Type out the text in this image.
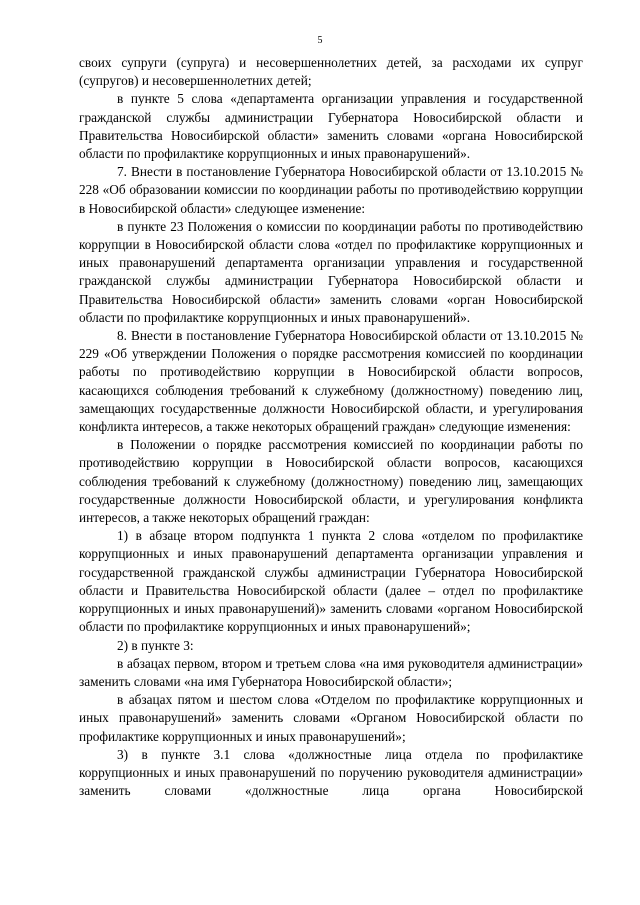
5

своих супруги (супруга) и несовершеннолетних детей, за расходами их супруг (супругов) и несовершеннолетних детей;

в пункте 5 слова «департамента организации управления и государственной гражданской службы администрации Губернатора Новосибирской области и Правительства Новосибирской области» заменить словами «органа Новосибирской области по профилактике коррупционных и иных правонарушений».

7. Внести в постановление Губернатора Новосибирской области от 13.10.2015 № 228 «Об образовании комиссии по координации работы по противодействию коррупции в Новосибирской области» следующее изменение:

в пункте 23 Положения о комиссии по координации работы по противодействию коррупции в Новосибирской области слова «отдел по профилактике коррупционных и иных правонарушений департамента организации управления и государственной гражданской службы администрации Губернатора Новосибирской области и Правительства Новосибирской области» заменить словами «орган Новосибирской области по профилактике коррупционных и иных правонарушений».

8. Внести в постановление Губернатора Новосибирской области от 13.10.2015 № 229 «Об утверждении Положения о порядке рассмотрения комиссией по координации работы по противодействию коррупции в Новосибирской области вопросов, касающихся соблюдения требований к служебному (должностному) поведению лиц, замещающих государственные должности Новосибирской области, и урегулирования конфликта интересов, а также некоторых обращений граждан» следующие изменения:

в Положении о порядке рассмотрения комиссией по координации работы по противодействию коррупции в Новосибирской области вопросов, касающихся соблюдения требований к служебному (должностному) поведению лиц, замещающих государственные должности Новосибирской области, и урегулирования конфликта интересов, а также некоторых обращений граждан:

1) в абзаце втором подпункта 1 пункта 2 слова «отделом по профилактике коррупционных и иных правонарушений департамента организации управления и государственной гражданской службы администрации Губернатора Новосибирской области и Правительства Новосибирской области (далее – отдел по профилактике коррупционных и иных правонарушений)» заменить словами «органом Новосибирской области по профилактике коррупционных и иных правонарушений»;

2) в пункте 3:

в абзацах первом, втором и третьем слова «на имя руководителя администрации» заменить словами «на имя Губернатора Новосибирской области»;

в абзацах пятом и шестом слова «Отделом по профилактике коррупционных и иных правонарушений» заменить словами «Органом Новосибирской области по профилактике коррупционных и иных правонарушений»;

3) в пункте 3.1 слова «должностные лица отдела по профилактике коррупционных и иных правонарушений по поручению руководителя администрации» заменить словами «должностные лица органа Новосибирской
